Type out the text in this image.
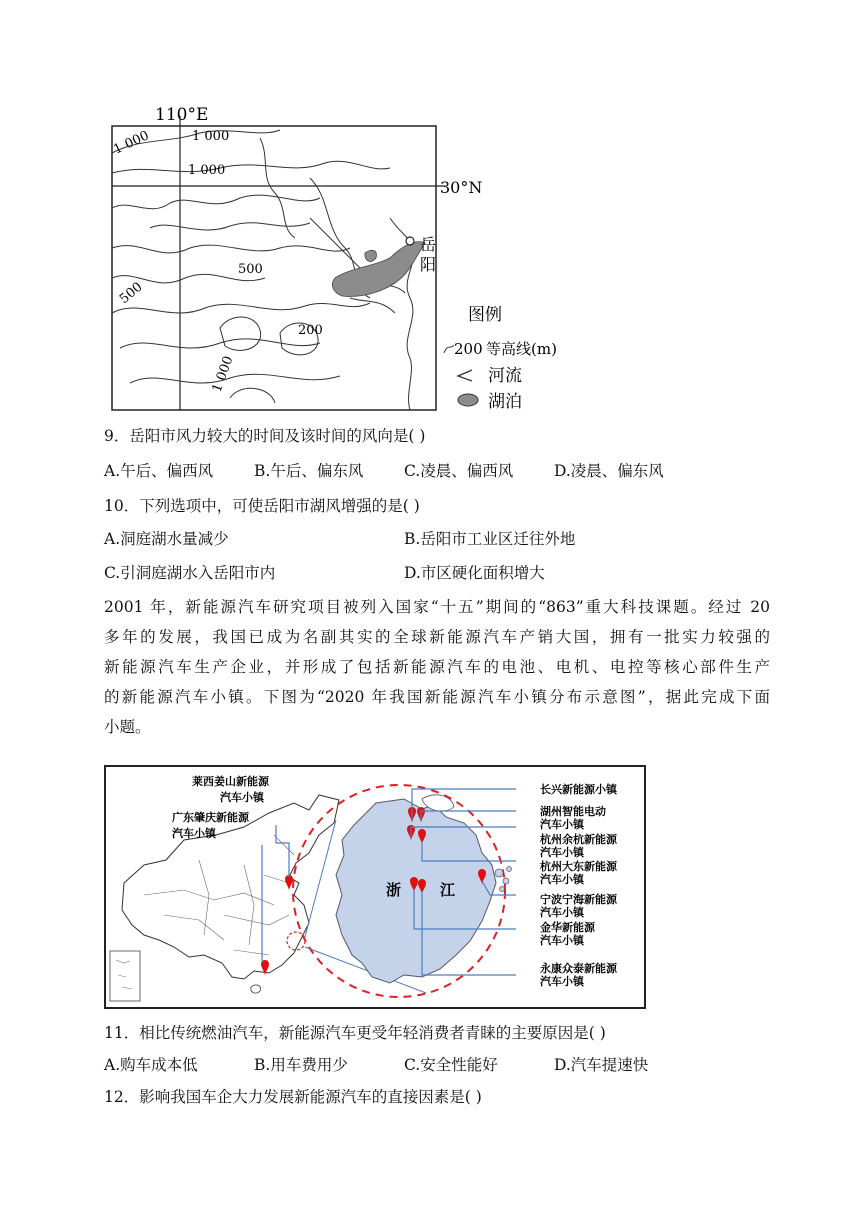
110°E
30°N
1 000
1 000
1 000
500
500
200
1 000
岳
阳
图例
200 等高线(m)
河流
湖泊
9．岳阳市风力较大的时间及该时间的风向是( )
A.午后、偏西风	B.午后、偏东风	C.凌晨、偏西风	D.凌晨、偏东风
10．下列选项中，可使岳阳市湖风增强的是( )
A.洞庭湖水量减少	B.岳阳市工业区迁往外地
C.引洞庭湖水入岳阳市内	D.市区硬化面积增大
2001 年，新能源汽车研究项目被列入国家“十五”期间的“863”重大科技课题。经过 20
多年的发展，我国已成为名副其实的全球新能源汽车产销大国，拥有一批实力较强的
新能源汽车生产企业，并形成了包括新能源汽车的电池、电机、电控等核心部件生产
的新能源汽车小镇。下图为“2020 年我国新能源汽车小镇分布示意图”，据此完成下面
小题。
浙	江
莱西姜山新能源
汽车小镇
广东肇庆新能源
汽车小镇
长兴新能源小镇
湖州智能电动
汽车小镇
杭州余杭新能源
汽车小镇
杭州大东新能源
汽车小镇
宁波宁海新能源
汽车小镇
金华新能源
汽车小镇
永康众泰新能源
汽车小镇
11．相比传统燃油汽车，新能源汽车更受年轻消费者青睐的主要原因是( )
A.购车成本低	B.用车费用少	C.安全性能好	D.汽车提速快
12．影响我国车企大力发展新能源汽车的直接因素是( )
